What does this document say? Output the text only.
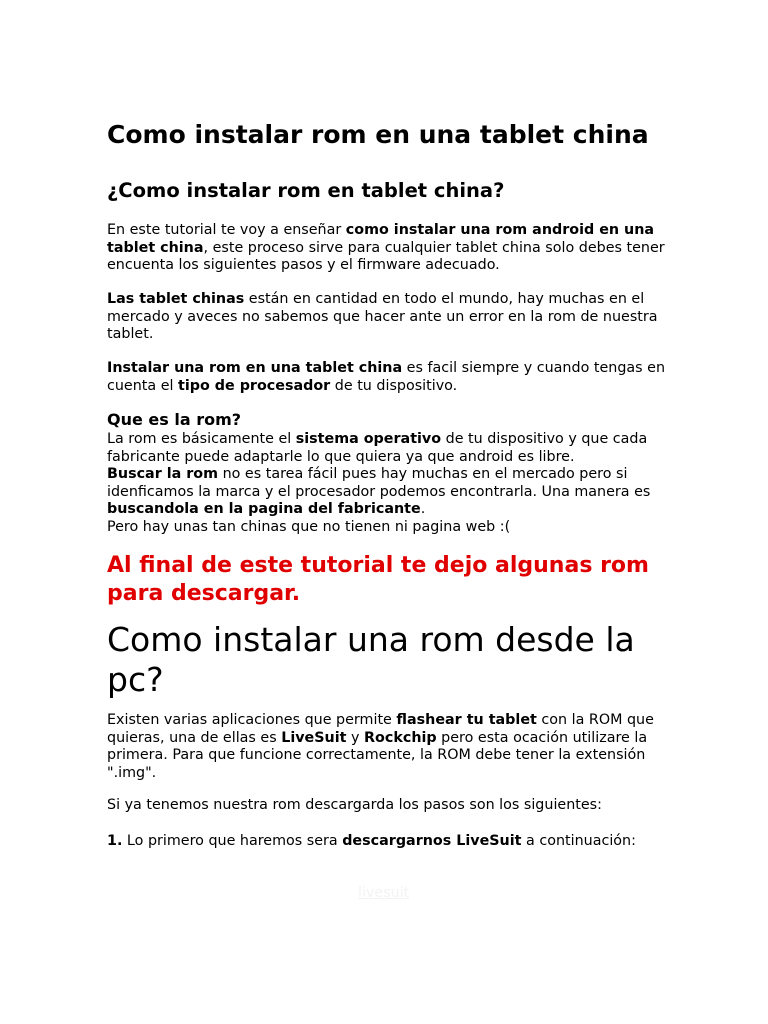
Como instalar rom en una tablet china
¿Como instalar rom en tablet china?

En este tutorial te voy a enseñar como instalar una rom android en una tablet china, este proceso sirve para cualquier tablet china solo debes tener encuenta los siguientes pasos y el firmware adecuado.

Las tablet chinas están en cantidad en todo el mundo, hay muchas en el mercado y aveces no sabemos que hacer ante un error en la rom de nuestra tablet.

Instalar una rom en una tablet china es facil siempre y cuando tengas en cuenta el tipo de procesador de tu dispositivo.

Que es la rom?

La rom es básicamente el sistema operativo de tu dispositivo y que cada fabricante puede adaptarle lo que quiera ya que android es libre.
Buscar la rom no es tarea fácil pues hay muchas en el mercado pero si idenficamos la marca y el procesador podemos encontrarla. Una manera es buscandola en la pagina del fabricante.
Pero hay unas tan chinas que no tienen ni pagina web :(

Al final de este tutorial te dejo algunas rom para descargar.

Como instalar una rom desde la pc?

Existen varias aplicaciones que permite flashear tu tablet con la ROM que quieras, una de ellas es LiveSuit y Rockchip pero esta ocación utilizare la primera. Para que funcione correctamente, la ROM debe tener la extensión ".img".

Si ya tenemos nuestra rom descargarda los pasos son los siguientes:

1. Lo primero que haremos sera descargarnos LiveSuit a continuación:

livesuit
